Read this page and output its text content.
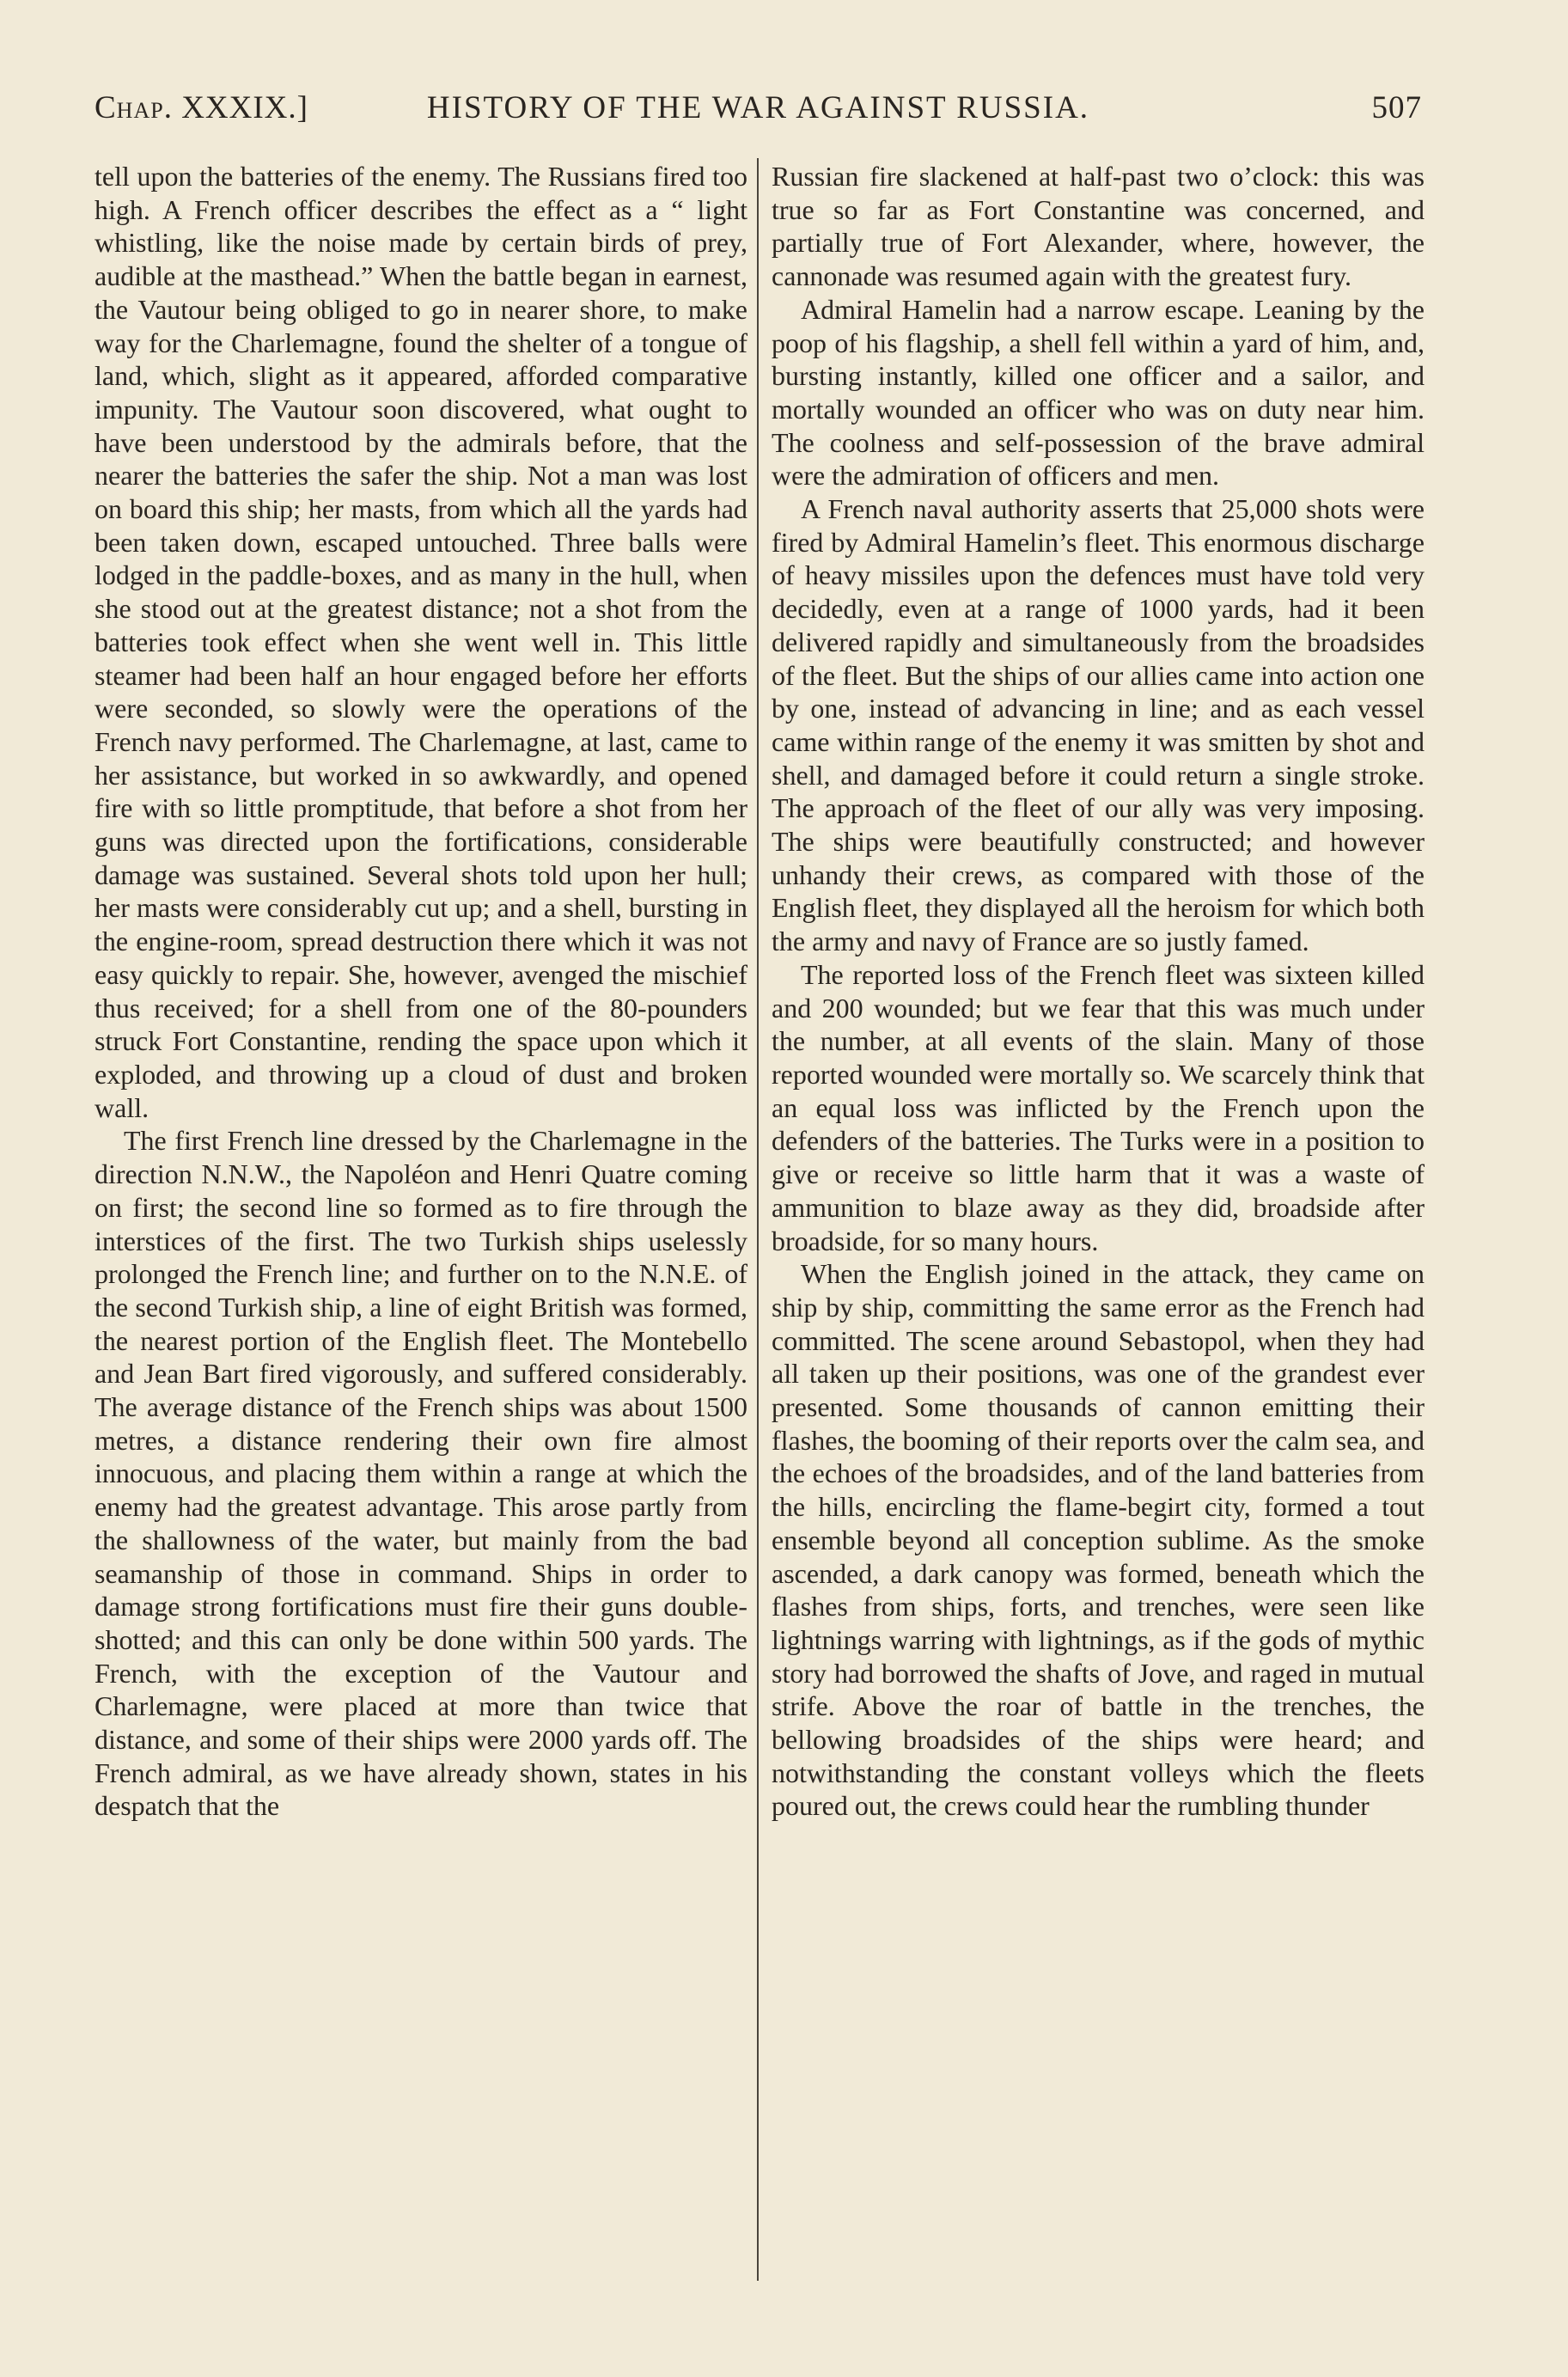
Chap. XXXIX.]	HISTORY OF THE WAR AGAINST RUSSIA.	507

tell upon the batteries of the enemy. The Russians fired too high. A French officer describes the effect as a “ light whistling, like the noise made by certain birds of prey, audible at the masthead.” When the battle began in earnest, the Vautour being obliged to go in nearer shore, to make way for the Charlemagne, found the shelter of a tongue of land, which, slight as it appeared, afforded comparative impunity. The Vautour soon discovered, what ought to have been understood by the admirals before, that the nearer the batteries the safer the ship. Not a man was lost on board this ship; her masts, from which all the yards had been taken down, escaped untouched. Three balls were lodged in the paddle-boxes, and as many in the hull, when she stood out at the greatest distance; not a shot from the batteries took effect when she went well in. This little steamer had been half an hour engaged before her efforts were seconded, so slowly were the operations of the French navy performed. The Charlemagne, at last, came to her assistance, but worked in so awkwardly, and opened fire with so little promptitude, that before a shot from her guns was directed upon the fortifications, considerable damage was sustained. Several shots told upon her hull; her masts were considerably cut up; and a shell, bursting in the engine-room, spread destruction there which it was not easy quickly to repair. She, however, avenged the mischief thus received; for a shell from one of the 80-pounders struck Fort Constantine, rending the space upon which it exploded, and throwing up a cloud of dust and broken wall.

The first French line dressed by the Charlemagne in the direction N.N.W., the Napoléon and Henri Quatre coming on first; the second line so formed as to fire through the interstices of the first. The two Turkish ships uselessly prolonged the French line; and further on to the N.N.E. of the second Turkish ship, a line of eight British was formed, the nearest portion of the English fleet. The Montebello and Jean Bart fired vigorously, and suffered considerably. The average distance of the French ships was about 1500 metres, a distance rendering their own fire almost innocuous, and placing them within a range at which the enemy had the greatest advantage. This arose partly from the shallowness of the water, but mainly from the bad seamanship of those in command. Ships in order to damage strong fortifications must fire their guns double-shotted; and this can only be done within 500 yards. The French, with the exception of the Vautour and Charlemagne, were placed at more than twice that distance, and some of their ships were 2000 yards off. The French admiral, as we have already shown, states in his despatch that the

Russian fire slackened at half-past two o’clock: this was true so far as Fort Constantine was concerned, and partially true of Fort Alexander, where, however, the cannonade was resumed again with the greatest fury.

Admiral Hamelin had a narrow escape. Leaning by the poop of his flagship, a shell fell within a yard of him, and, bursting instantly, killed one officer and a sailor, and mortally wounded an officer who was on duty near him. The coolness and self-possession of the brave admiral were the admiration of officers and men.

A French naval authority asserts that 25,000 shots were fired by Admiral Hamelin’s fleet. This enormous discharge of heavy missiles upon the defences must have told very decidedly, even at a range of 1000 yards, had it been delivered rapidly and simultaneously from the broadsides of the fleet. But the ships of our allies came into action one by one, instead of advancing in line; and as each vessel came within range of the enemy it was smitten by shot and shell, and damaged before it could return a single stroke. The approach of the fleet of our ally was very imposing. The ships were beautifully constructed; and however unhandy their crews, as compared with those of the English fleet, they displayed all the heroism for which both the army and navy of France are so justly famed.

The reported loss of the French fleet was sixteen killed and 200 wounded; but we fear that this was much under the number, at all events of the slain. Many of those reported wounded were mortally so. We scarcely think that an equal loss was inflicted by the French upon the defenders of the batteries. The Turks were in a position to give or receive so little harm that it was a waste of ammunition to blaze away as they did, broadside after broadside, for so many hours.

When the English joined in the attack, they came on ship by ship, committing the same error as the French had committed. The scene around Sebastopol, when they had all taken up their positions, was one of the grandest ever presented. Some thousands of cannon emitting their flashes, the booming of their reports over the calm sea, and the echoes of the broadsides, and of the land batteries from the hills, encircling the flame-begirt city, formed a tout ensemble beyond all conception sublime. As the smoke ascended, a dark canopy was formed, beneath which the flashes from ships, forts, and trenches, were seen like lightnings warring with lightnings, as if the gods of mythic story had borrowed the shafts of Jove, and raged in mutual strife. Above the roar of battle in the trenches, the bellowing broadsides of the ships were heard; and notwithstanding the constant volleys which the fleets poured out, the crews could hear the rumbling thunder
